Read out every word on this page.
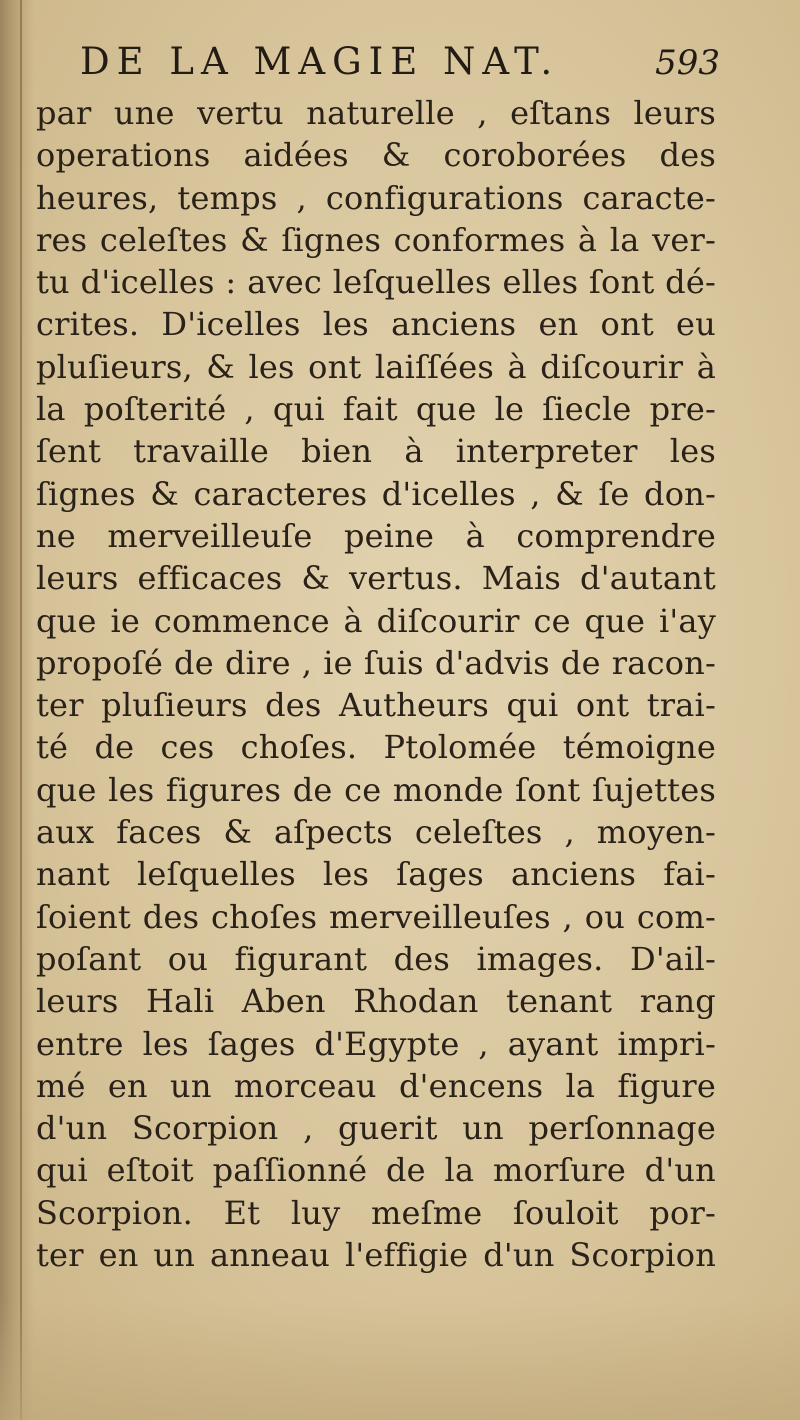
DE LA MAGIE NAT.	593
par une vertu naturelle , eſtans leurs
operations aidées & coroborées des
heures, temps , configurations caracte-
res celeſtes & ſignes conformes à la ver-
tu d'icelles : avec leſquelles elles ſont dé-
crites. D'icelles les anciens en ont eu
pluſieurs, & les ont laiſſées à diſcourir à
la poſterité , qui fait que le ſiecle pre-
ſent travaille bien à interpreter les
ſignes & caracteres d'icelles , & ſe don-
ne merveilleuſe peine à comprendre
leurs efficaces & vertus. Mais d'autant
que ie commence à diſcourir ce que i'ay
propoſé de dire , ie ſuis d'advis de racon-
ter pluſieurs des Autheurs qui ont trai-
té de ces choſes. Ptolomée témoigne
que les figures de ce monde ſont ſujettes
aux faces & aſpects celeſtes , moyen-
nant leſquelles les ſages anciens fai-
ſoient des choſes merveilleuſes , ou com-
poſant ou figurant des images. D'ail-
leurs Hali Aben Rhodan tenant rang
entre les ſages d'Egypte , ayant impri-
mé en un morceau d'encens la figure
d'un Scorpion , guerit un perſonnage
qui eſtoit paſſionné de la morſure d'un
Scorpion. Et luy meſme ſouloit por-
ter en un anneau l'effigie d'un Scorpion
